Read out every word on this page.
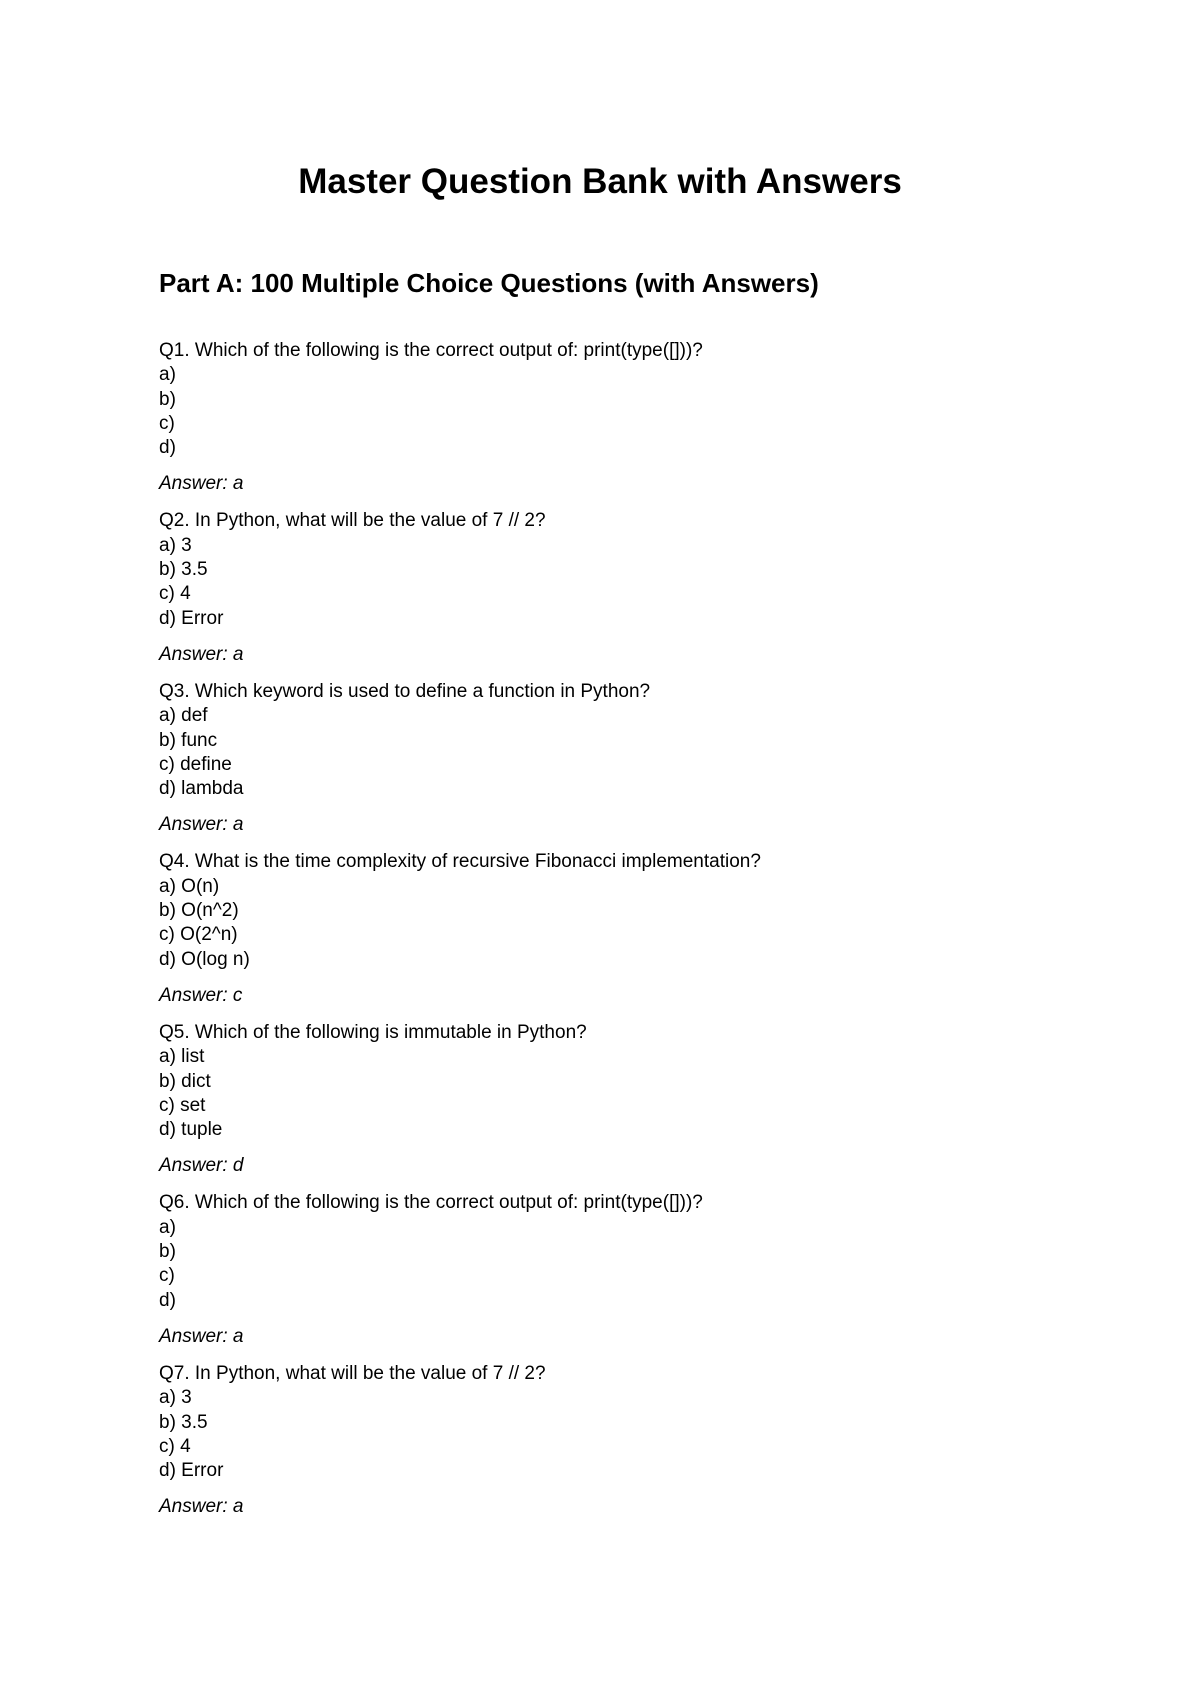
Master Question Bank with Answers
Part A: 100 Multiple Choice Questions (with Answers)

Q1. Which of the following is the correct output of: print(type([]))?

a)

b)

c)

d)

Answer: a

Q2. In Python, what will be the value of 7 // 2?

a) 3

b) 3.5

c) 4

d) Error

Answer: a

Q3. Which keyword is used to define a function in Python?

a) def

b) func

c) define

d) lambda

Answer: a

Q4. What is the time complexity of recursive Fibonacci implementation?

a) O(n)

b) O(n^2)

c) O(2^n)

d) O(log n)

Answer: c

Q5. Which of the following is immutable in Python?

a) list

b) dict

c) set

d) tuple

Answer: d

Q6. Which of the following is the correct output of: print(type([]))?

a)

b)

c)

d)

Answer: a

Q7. In Python, what will be the value of 7 // 2?

a) 3

b) 3.5

c) 4

d) Error

Answer: a
